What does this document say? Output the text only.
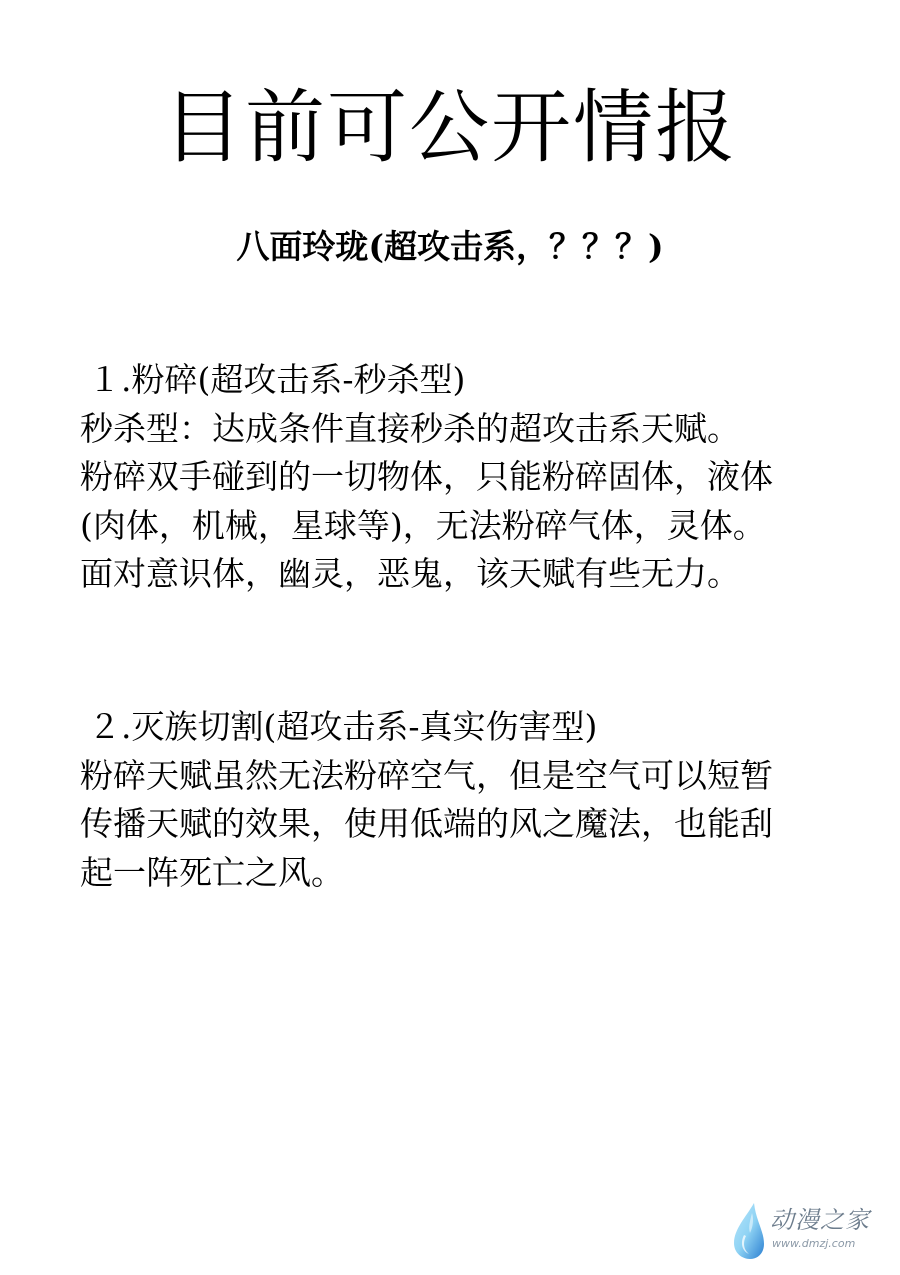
目前可公开情报
八面玲珑(超攻击系，？？？)

１.粉碎(超攻击系-秒杀型)

秒杀型：达成条件直接秒杀的超攻击系天赋。

粉碎双手碰到的一切物体，只能粉碎固体，液体

(肉体，机械，星球等)，无法粉碎气体，灵体。

面对意识体，幽灵，恶鬼，该天赋有些无力。

２.灭族切割(超攻击系-真实伤害型)

粉碎天赋虽然无法粉碎空气，但是空气可以短暂

传播天赋的效果，使用低端的风之魔法，也能刮

起一阵死亡之风。

动漫之家
www.dmzj.com
